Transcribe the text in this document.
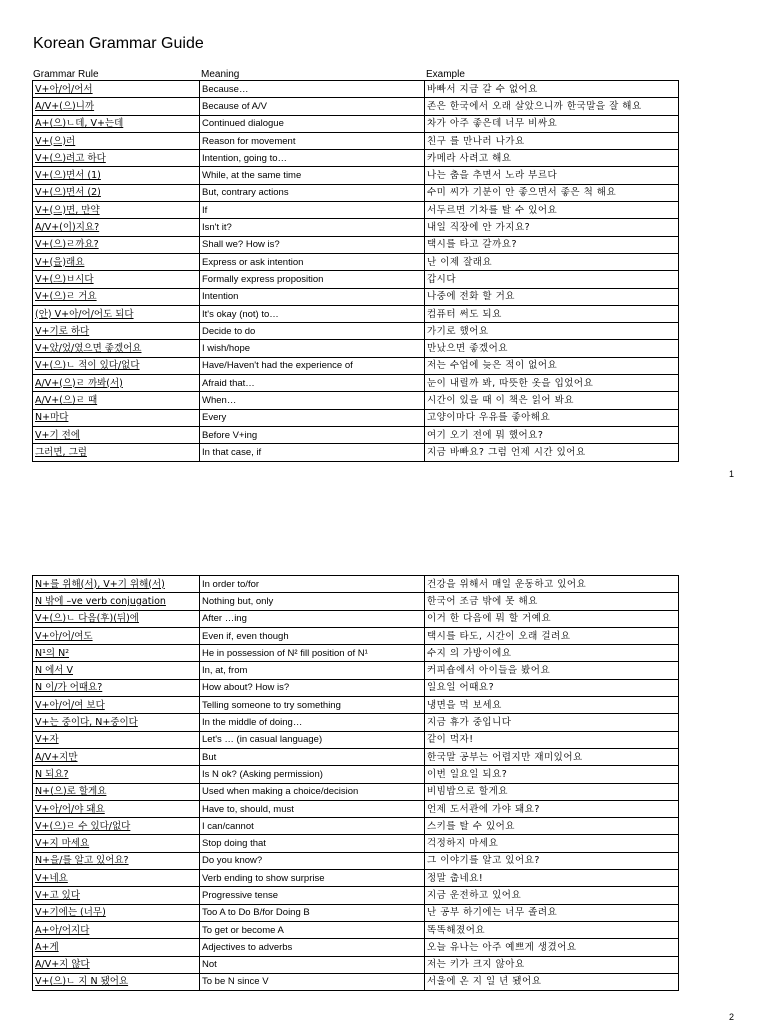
Korean Grammar Guide
Grammar Rule	Meaning	Example
V+아/어/어서	Because…	바빠서 지금 갈 수 없어요
A/V+(으)니까	Because of A/V	존은 한국에서 오래 살았으니까 한국말을 잘 해요
A+(으)ㄴ데, V+는데	Continued dialogue	차가 아주 좋은데 너무 비싸요
V+(으)러	Reason for movement	친구 를 만나러 나가요
V+(으)려고 하다	Intention, going to…	카메라 사려고 해요
V+(으)면서 (1)	While, at the same time	나는 춤을 추면서 노라 부르다
V+(으)면서 (2)	But, contrary actions	수미 씨가 기분이 안 좋으면서 좋은 척 해요
V+(으)면, 만약	If	서두르면 기차를 탈 수 있어요
A/V+(이)지요?	Isn't it?	내일 직장에 안 가지요?
V+(으)ㄹ까요?	Shall we? How is?	택시를 타고 갈까요?
V+(을)래요	Express or ask intention	난 이제 잘래요
V+(으)ㅂ시다	Formally express proposition	갑시다
V+(으)ㄹ 거요	Intention	나중에 전화 할 거요
(안) V+아/어/어도 되다	It's okay (not) to…	컴퓨터 써도 되요
V+기로 하다	Decide to do	가기로 했어요
V+았/었/였으면 좋겠어요	I wish/hope	만났으면 좋겠어요
V+(으)ㄴ 적이 있다/없다	Have/Haven't had the experience of	저는 수업에 늦은 적이 없어요
A/V+(으)ㄹ 까봐(서)	Afraid that…	눈이 내릴까 봐, 따뜻한 옷을 입었어요
A/V+(으)ㄹ 때	When…	시간이 있을 때 이 책은 읽어 봐요
N+마다	Every	고양이마다 우유를 좋아해요
V+기 전에	Before V+ing	여기 오기 전에 뭐 했어요?
그러면, 그럼	In that case, if	지금 바빠요? 그럼 언제 시간 있어요
1
N+를 위해(서), V+기 위해(서)	In order to/for	건강을 위해서 매일 운동하고 있어요
N 밖에 –ve verb conjugation	Nothing but, only	한국어 조금 밖에 못 해요
V+(으)ㄴ 다음(후)(뒤)에	After …ing	이거 한 다음에 뭐 할 거예요
V+아/어/여도	Even if, even though	택시를 타도, 시간이 오래 걸려요
N¹의 N²	He in possession of N² fill position of N¹	수지 의 가방이에요
N 에서 V	In, at, from	커피숍에서 아이들을 봤어요
N 이/가 어때요?	How about? How is?	일요일 어때요?
V+아/어/여 보다	Telling someone to try something	냉면을 먹 보세요
V+는 중이다, N+중이다	In the middle of doing…	지금 휴가 중입니다
V+자	Let's … (in casual language)	같이 먹자!
A/V+지만	But	한국말 공부는 어렵지만 재미있어요
N 되요?	Is N ok? (Asking permission)	이번 일요일 되요?
N+(으)로 할게요	Used when making a choice/decision	비빔밥으로 할게요
V+아/어/야 돼요	Have to, should, must	언제 도서관에 가야 돼요?
V+(으)ㄹ 수 있다/없다	I can/cannot	스키를 탈 수 있어요
V+지 마세요	Stop doing that	걱정하지 마세요
N+을/를 알고 있어요?	Do you know?	그 이야기를 알고 있어요?
V+네요	Verb ending to show surprise	정말 춥네요!
V+고 있다	Progressive tense	지금 운전하고 있어요
V+기에는 (너무)	Too A to Do B/for Doing B	난 공부 하기에는 너무 졸려요
A+아/어지다	To get or become A	똑똑해졌어요
A+게	Adjectives to adverbs	오늘 유나는 아주 예쁘게 생겼어요
A/V+지 않다	Not	저는 키가 크지 않아요
V+(으)ㄴ 지 N 됐어요	To be N since V	서울에 온 지 일 년 됐어요
2
